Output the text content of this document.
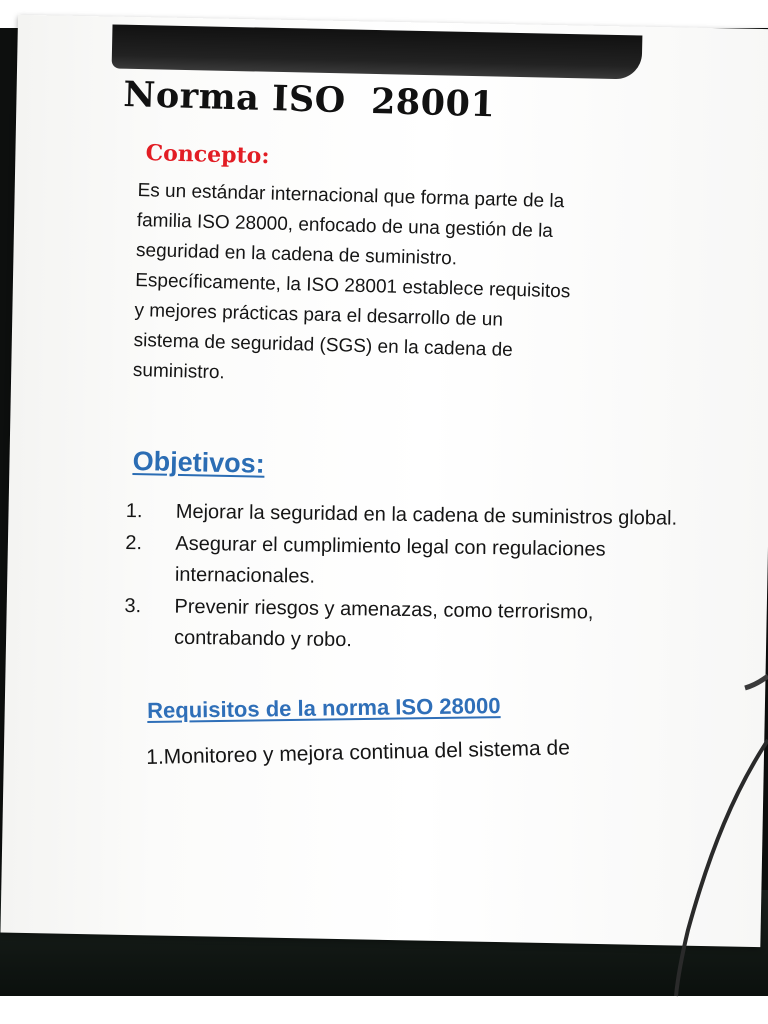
Norma ISO  28001
Concepto:
Es un estándar internacional que forma parte de la
familia ISO 28000, enfocado de una gestión de la
seguridad en la cadena de suministro.
Específicamente, la ISO 28001 establece requisitos
y mejores prácticas para el desarrollo de un
sistema de seguridad (SGS) en la cadena de
suministro.
Objetivos:
1.	Mejorar la seguridad en la cadena de suministros global.
2.	Asegurar el cumplimiento legal con regulaciones internacionales.
3.	Prevenir riesgos y amenazas, como terrorismo, contrabando y robo.
Requisitos de la norma ISO 28000
1.Monitoreo y mejora continua del sistema de
